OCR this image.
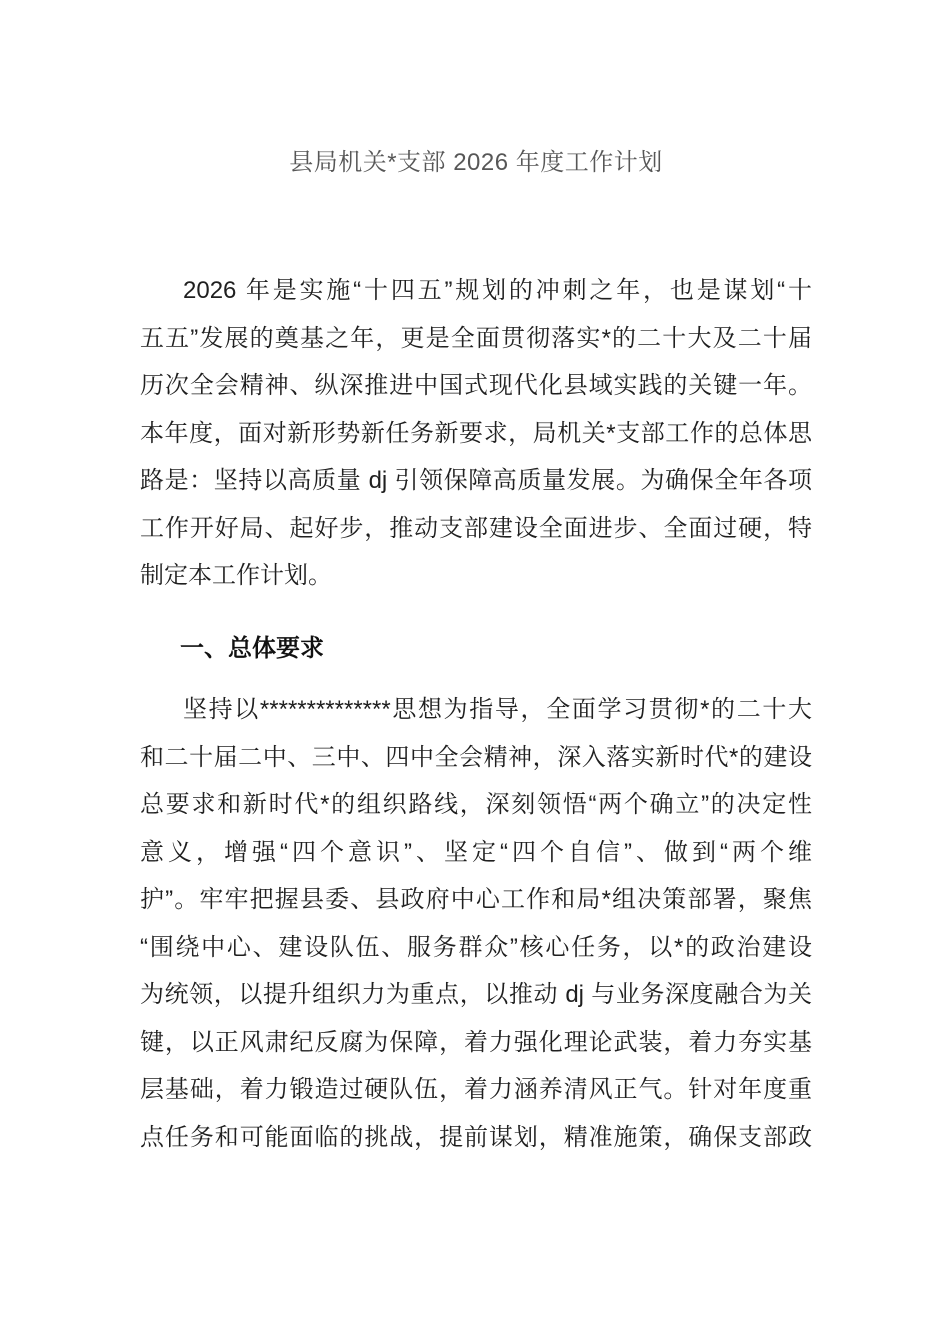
县局机关*支部 2026 年度工作计划
2026 年是实施“十四五”规划的冲刺之年，也是谋划“十
五五”发展的奠基之年，更是全面贯彻落实*的二十大及二十届
历次全会精神、纵深推进中国式现代化县域实践的关键一年。
本年度，面对新形势新任务新要求，局机关*支部工作的总体思
路是：坚持以高质量 dj 引领保障高质量发展。为确保全年各项
工作开好局、起好步，推动支部建设全面进步、全面过硬，特
制定本工作计划。
一、总体要求
坚持以**************思想为指导，全面学习贯彻*的二十大
和二十届二中、三中、四中全会精神，深入落实新时代*的建设
总要求和新时代*的组织路线，深刻领悟“两个确立”的决定性
意义，增强“四个意识”、坚定“四个自信”、做到“两个维
护”。牢牢把握县委、县政府中心工作和局*组决策部署，聚焦
“围绕中心、建设队伍、服务群众”核心任务，以*的政治建设
为统领，以提升组织力为重点，以推动 dj 与业务深度融合为关
键，以正风肃纪反腐为保障，着力强化理论武装，着力夯实基
层基础，着力锻造过硬队伍，着力涵养清风正气。针对年度重
点任务和可能面临的挑战，提前谋划，精准施策，确保支部政
